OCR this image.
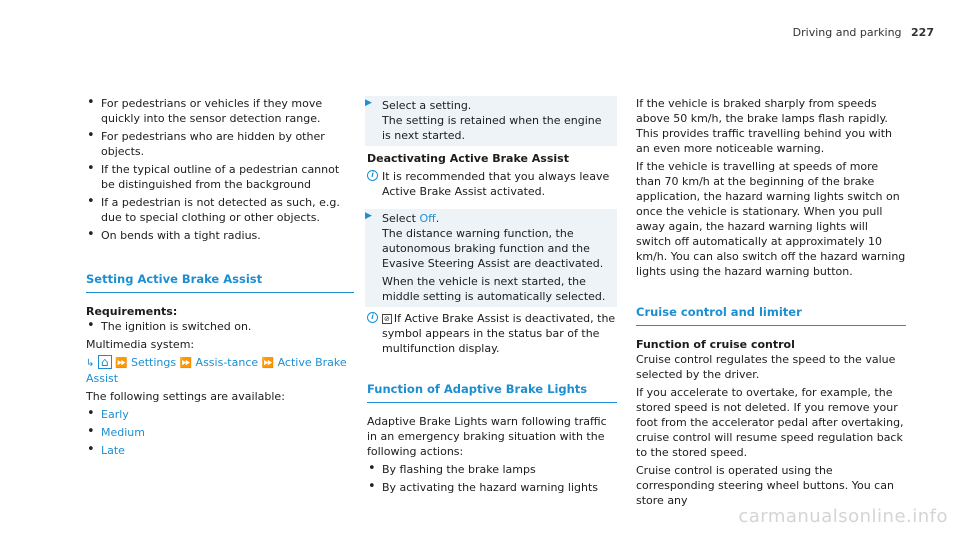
Driving and parking 227
• For pedestrians or vehicles if they move quickly into the sensor detection range.
• For pedestrians who are hidden by other objects.
• If the typical outline of a pedestrian cannot be distinguished from the background
• If a pedestrian is not detected as such, e.g. due to special clothing or other objects.
• On bends with a tight radius.
Setting Active Brake Assist

Requirements:

• The ignition is switched on.

Multimedia system:

↳ ⌂ ⏩ Settings ⏩ Assis-tance ⏩ Active Brake Assist

The following settings are available:

• Early
• Medium
• Late
▶ Select a setting.
The setting is retained when the engine is next started.

Deactivating Active Brake Assist

i It is recommended that you always leave Active Brake Assist activated.
▶ Select Off.
The distance warning function, the autonomous braking function and the Evasive Steering Assist are deactivated.
When the vehicle is next started, the middle setting is automatically selected.
i	⊘ If Active Brake Assist is deactivated, the symbol appears in the status bar of the multifunction display.
Function of Adaptive Brake Lights

Adaptive Brake Lights warn following traffic in an emergency braking situation with the following actions:

• By flashing the brake lamps
• By activating the hazard warning lights

If the vehicle is braked sharply from speeds above 50 km/h, the brake lamps flash rapidly. This provides traffic travelling behind you with an even more noticeable warning.

If the vehicle is travelling at speeds of more than 70 km/h at the beginning of the brake application, the hazard warning lights switch on once the vehicle is stationary. When you pull away again, the hazard warning lights will switch off automatically at approximately 10 km/h. You can also switch off the hazard warning lights using the hazard warning button.

Cruise control and limiter

Function of cruise control

Cruise control regulates the speed to the value selected by the driver.

If you accelerate to overtake, for example, the stored speed is not deleted. If you remove your foot from the accelerator pedal after overtaking, cruise control will resume speed regulation back to the stored speed.

Cruise control is operated using the corresponding steering wheel buttons. You can store any

carmanualsonline.info
